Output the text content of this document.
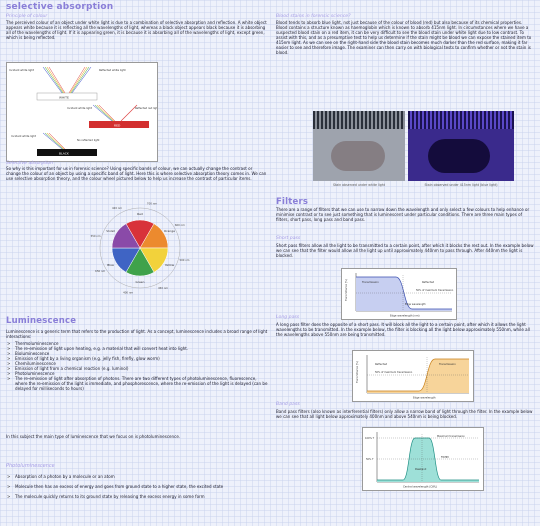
selective absorption
Principle of colour
The perceived colour of an object under white light is due to a combination of selective absorption and reflection. A white object appears white because it is reflecting all the wavelengths of light, whereas a black object appears black because it is absorbing all of the wavelengths of light. If it is appearing green, it is because it is absorbing all of the wavelengths of light, except green, which is being reflected.
Incident white light	Reflected white light
WHITE
Incident white light	Reflected red light
RED
Incident white light
No reflected light
BLACK
Selective absorption
So why is this important for us in forensic science? Using specific bands of colour, we can actually change the contrast or change the colour of an object by using a specific band of light. Here this is where selective absorption theory comes in. We can use selective absorption theory, and the colour wheel pictured below to help us increase the contrast of particular items.
Red
Orange
Yellow
Green
Blue
Violet
700 nm
600 nm
500 nm
450 nm
400 nm
650 nm
550 nm
420 nm
Luminescence
Luminescence is a generic term that refers to the production of light. As a concept, luminescence includes a broad range of light interactions:
> Thermoluminescence
> The re-emission of light upon heating, e.g. a material that will convert heat into light.
> Bioluminescence
> Emission of light by a living organism (e.g. jelly fish, firefly, glow worm)
> Chemiluminescence
> Emission of light from a chemical reaction (e.g. luminol)
> Photoluminescence
> The re-emission of light after absorption of photons. There are two different types of photoluminescence, fluorescence, where the re-emission of the light is immediate, and phosphorescence, where the re-emission of the light is delayed (can be delayed for milliseconds to hours)
In this subject the main type of luminescence that we focus on is photoluminescence.
Photoluminescence
> Absorption of a photon by a molecule or an atom
> Molecule then has an excess of energy and goes from ground state to a higher state, the excited state
> The molecule quickly returns to its ground state by releasing the excess energy in some form
Blood stains in forensic science?
Blood tends to absorb blue light, not just because of the colour of blood (red) but also because of its chemical properties. Blood contains a structure known as haemoglobin which is known to absorb 415nm light. In circumstances where we have a suspected blood stain on a red item, it can be very difficult to see the blood stain under white light due to low contrast. To assist with this, and as a presumptive test to help us determine if the stain might be blood we can expose the stained item to 415nm light. As we can see on the right-hand side the blood stain becomes much darker than the red surface, making it far easier to see and therefore image. The examiner can then carry on with biological tests to confirm whether or not the stain is blood.
Stain observed under white light	Stain observed under 415nm light (blue light)
Filters
There are a range of filters that we can use to narrow down the wavelength and only select a few colours to help enhance or minimise contrast or to see just something that is luminescent under particular conditions. There are three main types of filters, short pass, long pass and band pass.
Short pass
Short pass filters allow all the light to be transmitted to a certain point, after which it blocks the rest out. In the example below we can see that the filter would allow all the light up until approximately 440nm to pass through. After 440nm the light is blocked.
Transmission	Reflected
50% of maximum transmission
Edge wavelength
Transmittance (%)
Edge wavelength (nm)
Long pass
A long pass filter does the opposite of a short pass. It will block all the light to a certain point, after which it allows the light wavelengths to be transmitted. In the example below, the filter is blocking all the light below approximately 550nm, while all the wavelengths above 550nm are being transmitted.
Transmission
Reflected
50% of maximum transmission
Transmittance (%)
Edge wavelength
Band pass
Band pass filters (also known as interferential filters) only allow a narrow band of light through the filter. In the example below we can see that all light below approximately 400nm and above 540nm is being blocked.
100% T
Maximum transmission
50% T
FWHM
Passband
Central wavelength (CWL)
